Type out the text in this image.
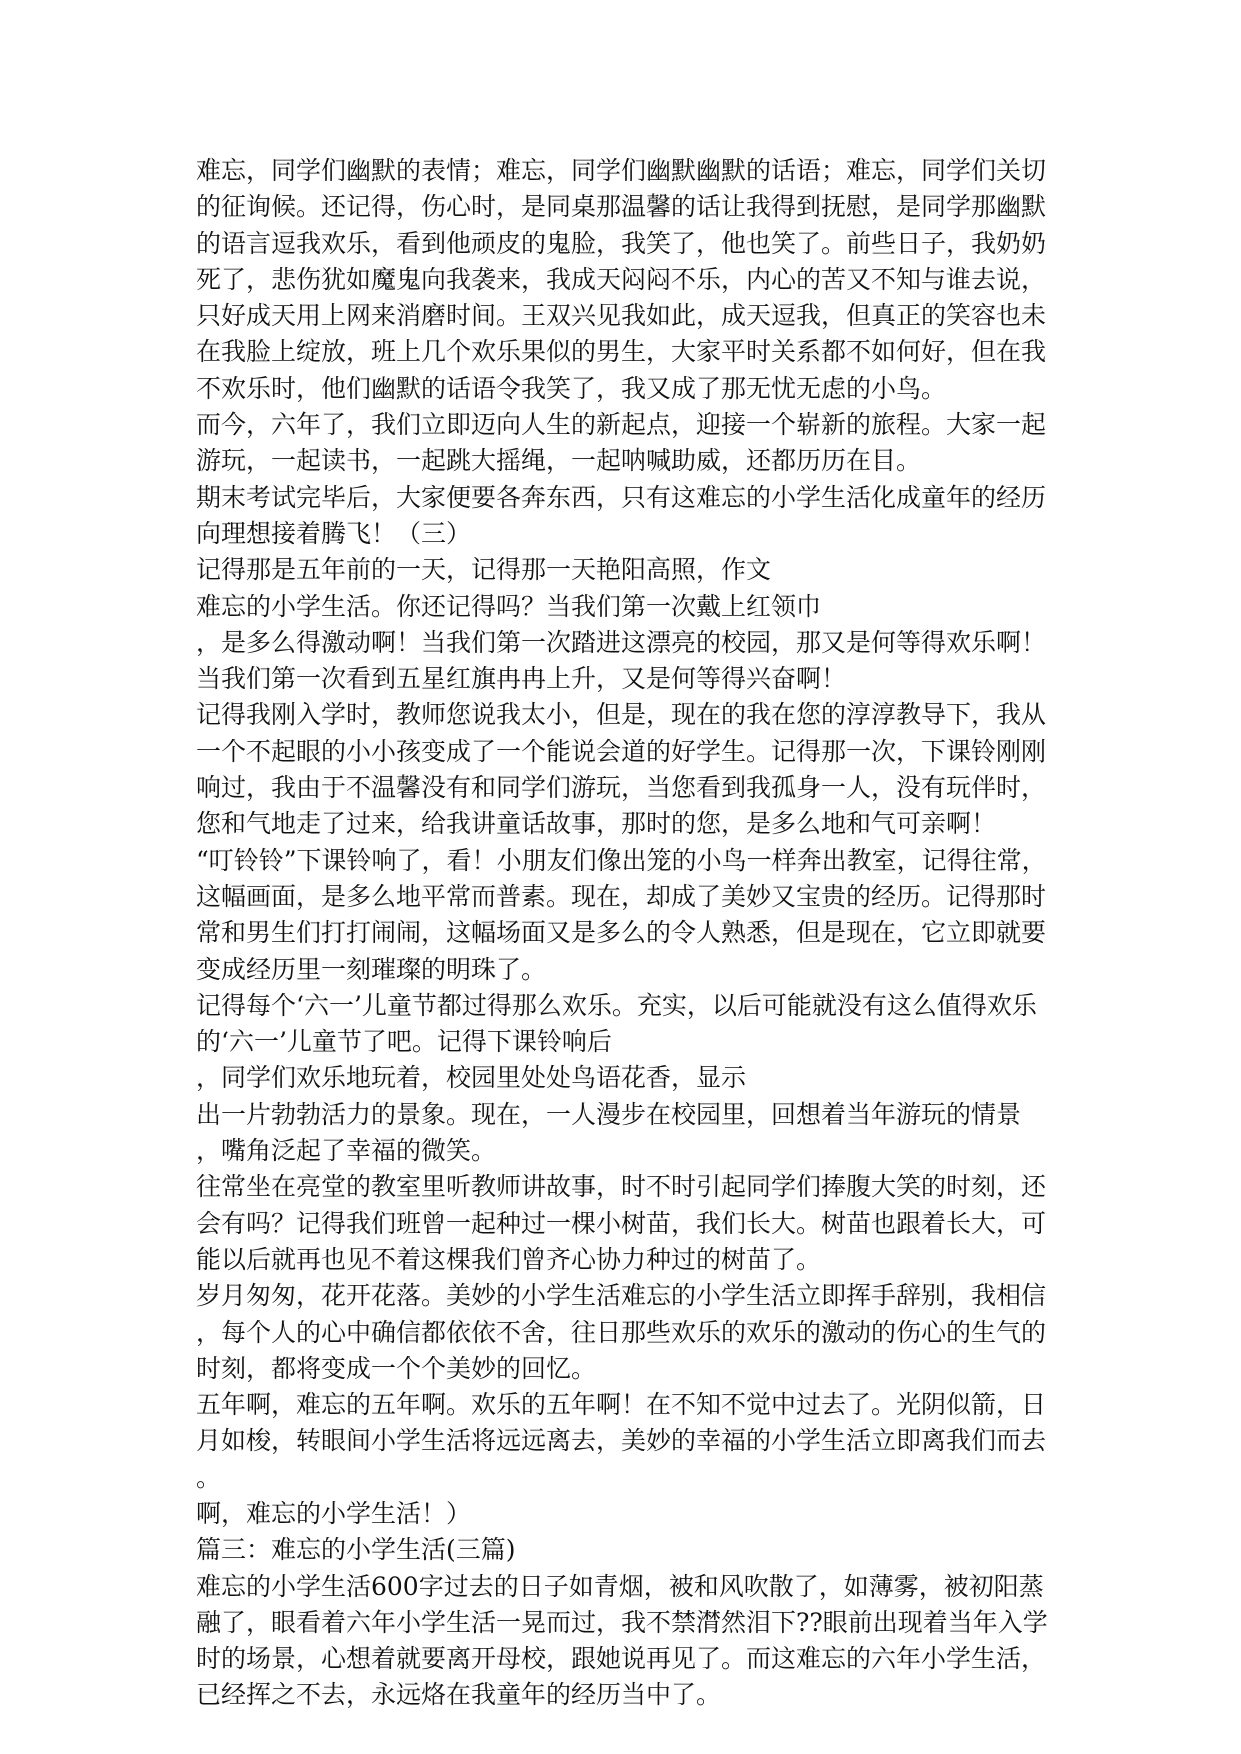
难忘，同学们幽默的表情；难忘，同学们幽默幽默的话语；难忘，同学们关切
的征询候。还记得，伤心时，是同桌那温馨的话让我得到抚慰，是同学那幽默
的语言逗我欢乐，看到他顽皮的鬼脸，我笑了，他也笑了。前些日子，我奶奶
死了，悲伤犹如魔鬼向我袭来，我成天闷闷不乐，内心的苦又不知与谁去说，
只好成天用上网来消磨时间。王双兴见我如此，成天逗我，但真正的笑容也未
在我脸上绽放，班上几个欢乐果似的男生，大家平时关系都不如何好，但在我
不欢乐时，他们幽默的话语令我笑了，我又成了那无忧无虑的小鸟。
而今，六年了，我们立即迈向人生的新起点，迎接一个崭新的旅程。大家一起
游玩，一起读书，一起跳大摇绳，一起呐喊助威，还都历历在目。
期末考试完毕后，大家便要各奔东西，只有这难忘的小学生活化成童年的经历
向理想接着腾飞！（三）
记得那是五年前的一天，记得那一天艳阳高照，作文
难忘的小学生活。你还记得吗？当我们第一次戴上红领巾
，是多么得激动啊！当我们第一次踏进这漂亮的校园，那又是何等得欢乐啊！
当我们第一次看到五星红旗冉冉上升，又是何等得兴奋啊！
记得我刚入学时，教师您说我太小，但是，现在的我在您的淳淳教导下，我从
一个不起眼的小小孩变成了一个能说会道的好学生。记得那一次，下课铃刚刚
响过，我由于不温馨没有和同学们游玩，当您看到我孤身一人，没有玩伴时，
您和气地走了过来，给我讲童话故事，那时的您，是多么地和气可亲啊！
“叮铃铃”下课铃响了，看！小朋友们像出笼的小鸟一样奔出教室，记得往常，
这幅画面，是多么地平常而普素。现在，却成了美妙又宝贵的经历。记得那时
常和男生们打打闹闹，这幅场面又是多么的令人熟悉，但是现在，它立即就要
变成经历里一刻璀璨的明珠了。
记得每个‘六一’儿童节都过得那么欢乐。充实，以后可能就没有这么值得欢乐
的‘六一’儿童节了吧。记得下课铃响后
，同学们欢乐地玩着，校园里处处鸟语花香，显示
出一片勃勃活力的景象。现在，一人漫步在校园里，回想着当年游玩的情景
，嘴角泛起了幸福的微笑。
往常坐在亮堂的教室里听教师讲故事，时不时引起同学们捧腹大笑的时刻，还
会有吗？记得我们班曾一起种过一棵小树苗，我们长大。树苗也跟着长大，可
能以后就再也见不着这棵我们曾齐心协力种过的树苗了。
岁月匆匆，花开花落。美妙的小学生活难忘的小学生活立即挥手辞别，我相信
，每个人的心中确信都依依不舍，往日那些欢乐的欢乐的激动的伤心的生气的
时刻，都将变成一个个美妙的回忆。
五年啊，难忘的五年啊。欢乐的五年啊！在不知不觉中过去了。光阴似箭，日
月如梭，转眼间小学生活将远远离去，美妙的幸福的小学生活立即离我们而去
。
啊，难忘的小学生活！）
篇三：难忘的小学生活(三篇)
难忘的小学生活600字过去的日子如青烟，被和风吹散了，如薄雾，被初阳蒸
融了，眼看着六年小学生活一晃而过，我不禁潸然泪下??眼前出现着当年入学
时的场景，心想着就要离开母校，跟她说再见了。而这难忘的六年小学生活，
已经挥之不去，永远烙在我童年的经历当中了。
